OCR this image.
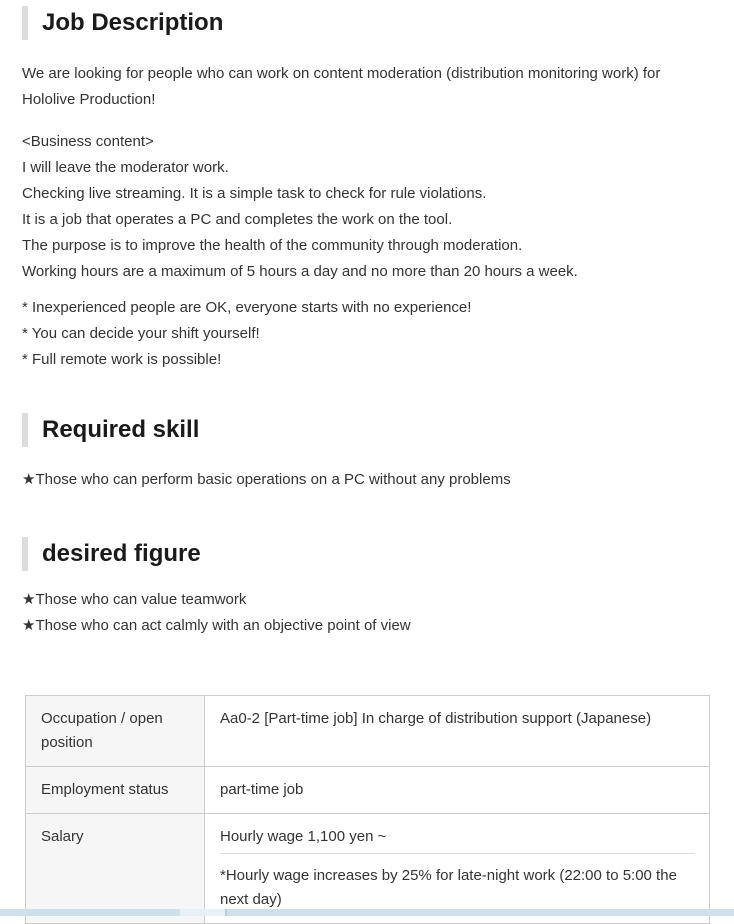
Job Description

We are looking for people who can work on content moderation (distribution monitoring work) for Hololive Production!

<Business content>
I will leave the moderator work.
Checking live streaming. It is a simple task to check for rule violations.
It is a job that operates a PC and completes the work on the tool.
The purpose is to improve the health of the community through moderation.
Working hours are a maximum of 5 hours a day and no more than 20 hours a week.
* Inexperienced people are OK, everyone starts with no experience!
* You can decide your shift yourself!
* Full remote work is possible!
Required skill
★Those who can perform basic operations on a PC without any problems
desired figure
★Those who can value teamwork
★Those who can act calmly with an objective point of view
Occupation / open position	Aa0-2 [Part-time job] In charge of distribution support (Japanese)
Employment status	part-time job
Salary	Hourly wage 1,100 yen ~
*Hourly wage increases by 25% for late-night work (22:00 to 5:00 the next day)
